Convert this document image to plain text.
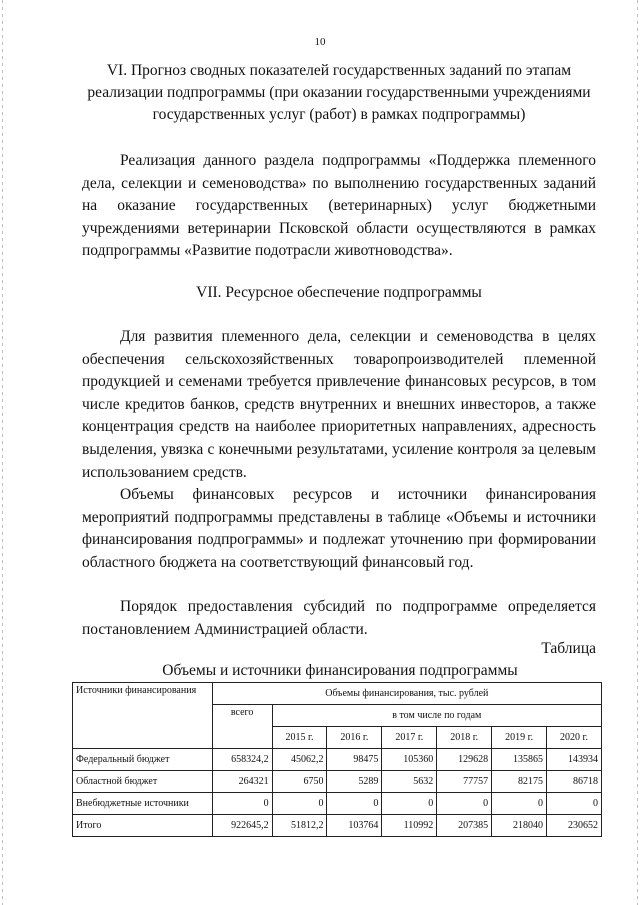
10
VI. Прогноз сводных показателей государственных заданий по этапам реализации подпрограммы (при оказании государственными учреждениями государственных услуг (работ) в рамках подпрограммы)
Реализация данного раздела подпрограммы «Поддержка племенного дела, селекции и семеноводства» по выполнению государственных заданий на оказание государственных (ветеринарных) услуг бюджетными учреждениями ветеринарии Псковской области осуществляются в рамках подпрограммы «Развитие подотрасли животноводства».
VII. Ресурсное обеспечение подпрограммы
Для развития племенного дела, селекции и семеноводства в целях обеспечения сельскохозяйственных товаропроизводителей племенной продукцией и семенами требуется привлечение финансовых ресурсов, в том числе кредитов банков, средств внутренних и внешних инвесторов, а также концентрация средств на наиболее приоритетных направлениях, адресность выделения, увязка с конечными результатами, усиление контроля за целевым использованием средств.
Объемы финансовых ресурсов и источники финансирования мероприятий подпрограммы представлены в таблице «Объемы и источники финансирования подпрограммы» и подлежат уточнению при формировании областного бюджета на соответствующий финансовый год.
Порядок предоставления субсидий по подпрограмме определяется постановлением Администрацией области.
Таблица
Объемы и источники финансирования подпрограммы
Источники финансирования	Объемы финансирования, тыс. рублей						
	всего	в том числе по годам					
		2015 г.	2016 г.	2017 г.	2018 г.	2019 г.	2020 г.
Федеральный бюджет	658324,2	45062,2	98475	105360	129628	135865	143934
Областной бюджет	264321	6750	5289	5632	77757	82175	86718
Внебюджетные источники	0	0	0	0	0	0	0
Итого	922645,2	51812,2	103764	110992	207385	218040	230652
